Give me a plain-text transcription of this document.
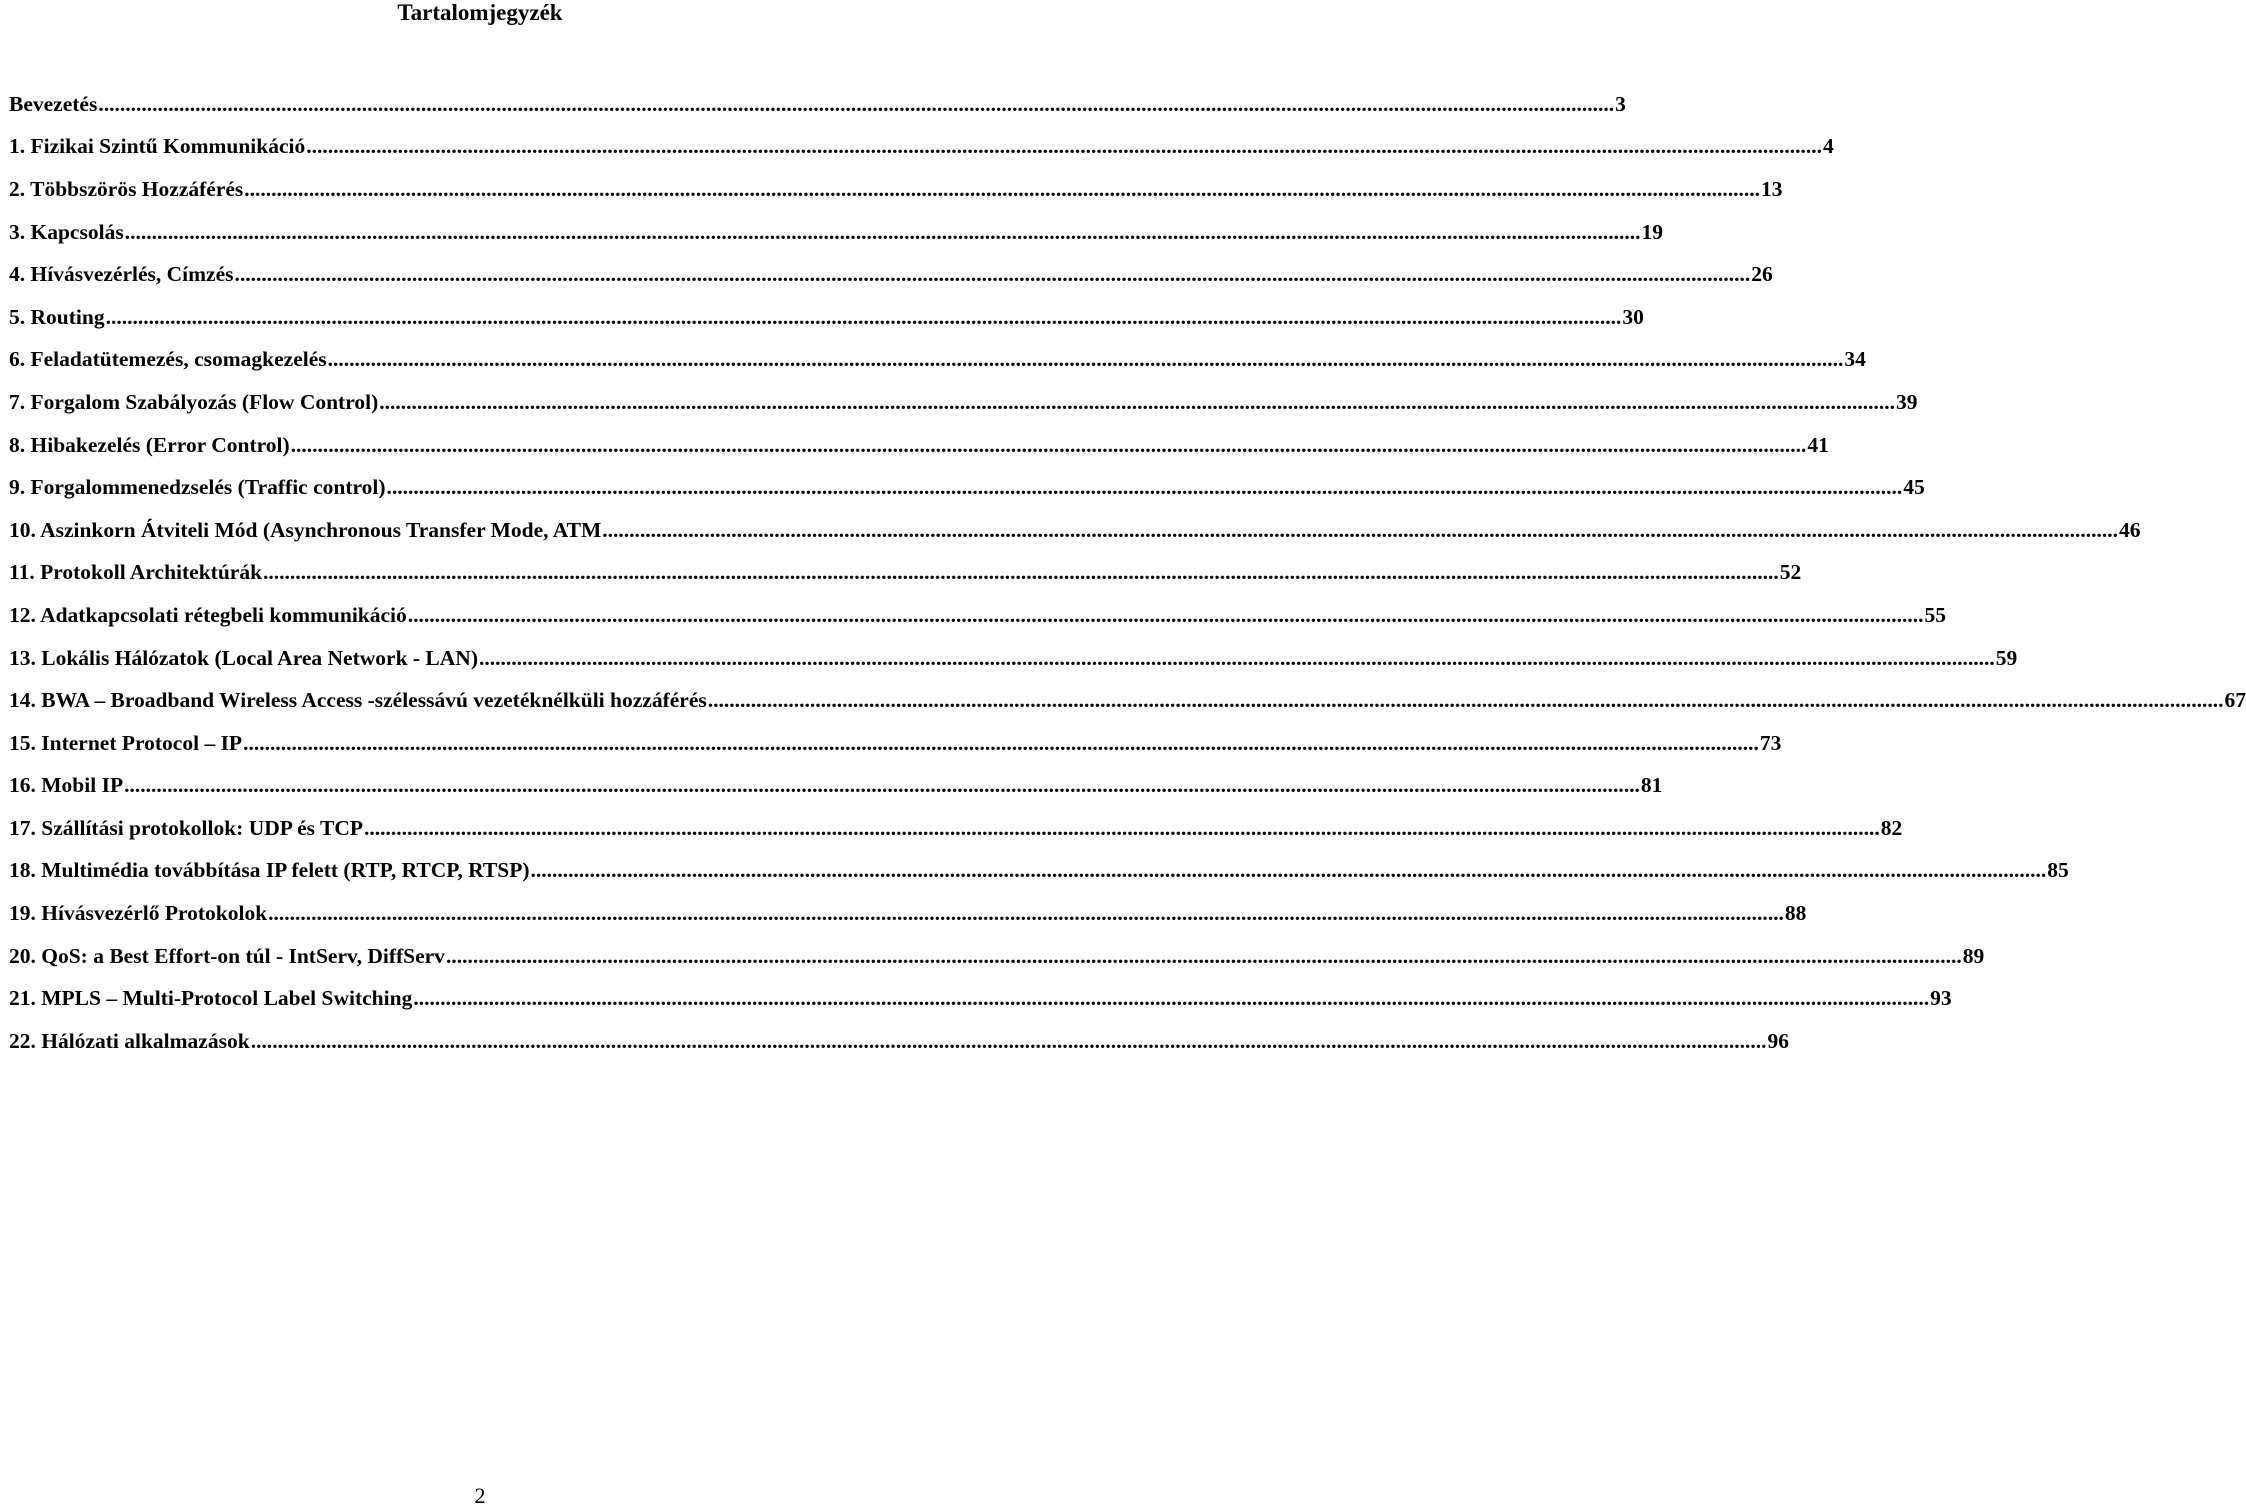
Tartalomjegyzék
Bevezetés .....	3
1. Fizikai Szintű Kommunikáció .....	4
2. Többszörös Hozzáférés .....	13
3. Kapcsolás .....	19
4. Hívásvezérlés, Címzés .....	26
5. Routing .....	30
6. Feladatütemezés, csomagkezelés .....	34
7. Forgalom Szabályozás (Flow Control) .....	39
8. Hibakezelés (Error Control) .....	41
9. Forgalommenedzselés (Traffic control) .....	45
10. Aszinkorn Átviteli Mód (Asynchronous Transfer Mode, ATM .....	46
11. Protokoll Architektúrák .....	52
12. Adatkapcsolati rétegbeli kommunikáció .....	55
13. Lokális Hálózatok (Local Area Network - LAN) .....	59
14. BWA – Broadband Wireless Access -szélessávú vezetéknélküli hozzáférés .....	67
15. Internet Protocol – IP .....	73
16. Mobil IP .....	81
17. Szállítási protokollok: UDP és TCP .....	82
18. Multimédia továbbítása IP felett (RTP, RTCP, RTSP) .....	85
19. Hívásvezérlő Protokolok .....	88
20. QoS: a Best Effort-on túl - IntServ, DiffServ .....	89
21. MPLS – Multi-Protocol Label Switching .....	93
22. Hálózati alkalmazások .....	96
2
